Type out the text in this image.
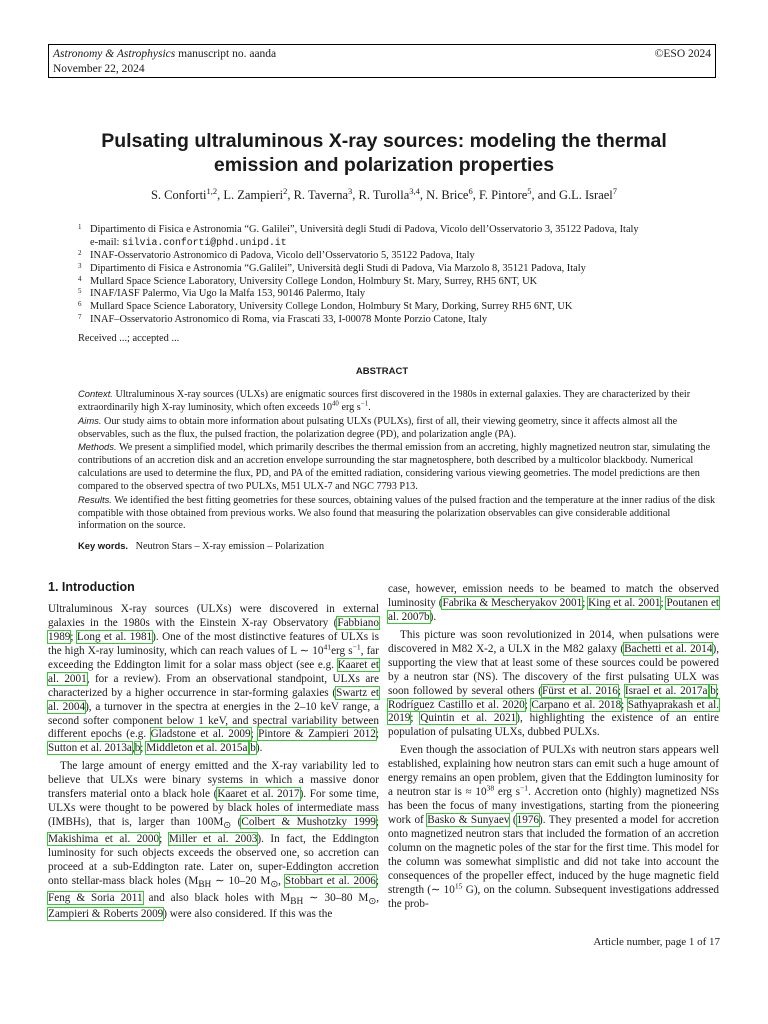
Astronomy & Astrophysics manuscript no. aanda
November 22, 2024
©ESO 2024
Pulsating ultraluminous X-ray sources: modeling the thermal emission and polarization properties
S. Conforti$^{1,2}$, L. Zampieri$^2$, R. Taverna$^3$, R. Turolla$^{3,4}$, N. Brice$^6$, F. Pintore$^5$, and G.L. Israel$^7$
1 Dipartimento di Fisica e Astronomia “G. Galilei”, Università degli Studi di Padova, Vicolo dell’Osservatorio 3, 35122 Padova, Italy
e-mail: silvia.conforti@phd.unipd.it
2 INAF-Osservatorio Astronomico di Padova, Vicolo dell’Osservatorio 5, 35122 Padova, Italy
3 Dipartimento di Fisica e Astronomia “G.Galilei”, Università degli Studi di Padova, Via Marzolo 8, 35121 Padova, Italy
4 Mullard Space Science Laboratory, University College London, Holmbury St. Mary, Surrey, RH5 6NT, UK
5 INAF/IASF Palermo, Via Ugo la Malfa 153, 90146 Palermo, Italy
6 Mullard Space Science Laboratory, University College London, Holmbury St Mary, Dorking, Surrey RH5 6NT, UK
7 INAF–Osservatorio Astronomico di Roma, via Frascati 33, I-00078 Monte Porzio Catone, Italy
Received ...; accepted ...
ABSTRACT

Context. Ultraluminous X-ray sources (ULXs) are enigmatic sources first discovered in the 1980s in external galaxies. They are characterized by their extraordinarily high X-ray luminosity, which often exceeds $10^{40}$ erg $s^{-1}$.

Aims. Our study aims to obtain more information about pulsating ULXs (PULXs), first of all, their viewing geometry, since it affects almost all the observables, such as the flux, the pulsed fraction, the polarization degree (PD), and polarization angle (PA).

Methods. We present a simplified model, which primarily describes the thermal emission from an accreting, highly magnetized neutron star, simulating the contributions of an accretion disk and an accretion envelope surrounding the star magnetosphere, both described by a multicolor blackbody. Numerical calculations are used to determine the flux, PD, and PA of the emitted radiation, considering various viewing geometries. The model predictions are then compared to the observed spectra of two PULXs, M51 ULX-7 and NGC 7793 P13.

Results. We identified the best fitting geometries for these sources, obtaining values of the pulsed fraction and the temperature at the inner radius of the disk compatible with those obtained from previous works. We also found that measuring the polarization observables can give considerable additional information on the source.

Key words. Neutron Stars – X-ray emission – Polarization
1. Introduction

Ultraluminous X-ray sources (ULXs) were discovered in external galaxies in the 1980s with the Einstein X-ray Observatory (Fabbiano 1989; Long et al. 1981). One of the most distinctive features of ULXs is the high X-ray luminosity, which can reach values of L ∼ $10^{41}erg$ $s^{-1}$, far exceeding the Eddington limit for a solar mass object (see e.g. Kaaret et al. 2001, for a review). From an observational standpoint, ULXs are characterized by a higher occurrence in star-forming galaxies (Swartz et al. 2004), a turnover in the spectra at energies in the 2–10 keV range, a second softer component below 1 keV, and spectral variability between different epochs (e.g. Gladstone et al. 2009; Pintore & Zampieri 2012; Sutton et al. 2013a,b; Middleton et al. 2015a,b).

The large amount of energy emitted and the X-ray variability led to believe that ULXs were binary systems in which a massive donor transfers material onto a black hole (Kaaret et al. 2017). For some time, ULXs were thought to be powered by black holes of intermediate mass (IMBHs), that is, larger than $100M_⊙$ (Colbert & Mushotzky 1999; Makishima et al. 2000; Miller et al. 2003). In fact, the Eddington luminosity for such objects exceeds the observed one, so accretion can proceed at a sub-Eddington rate. Later on, super-Eddington accretion onto stellar-mass black holes ($M_{BH}$ ∼ 10–20 $M_⊙$, Stobbart et al. 2006; Feng & Soria 2011 and also black holes with $M_{BH}$ ∼ 30–80 $M_⊙$, Zampieri & Roberts 2009) were also considered. If this was the

case, however, emission needs to be beamed to match the observed luminosity (Fabrika & Mescheryakov 2001; King et al. 2001; Poutanen et al. 2007b).

This picture was soon revolutionized in 2014, when pulsations were discovered in M82 X-2, a ULX in the M82 galaxy (Bachetti et al. 2014), supporting the view that at least some of these sources could be powered by a neutron star (NS). The discovery of the first pulsating ULX was soon followed by several others (Fürst et al. 2016; Israel et al. 2017a,b; Rodríguez Castillo et al. 2020; Carpano et al. 2018; Sathyaprakash et al. 2019; Quintin et al. 2021), highlighting the existence of an entire population of pulsating ULXs, dubbed PULXs.

Even though the association of PULXs with neutron stars appears well established, explaining how neutron stars can emit such a huge amount of energy remains an open problem, given that the Eddington luminosity for a neutron star is ≈ $10^{38}$ erg $s^{-1}$. Accretion onto (highly) magnetized NSs has been the focus of many investigations, starting from the pioneering work of Basko & Sunyaev (1976). They presented a model for accretion onto magnetized neutron stars that included the formation of an accretion column on the magnetic poles of the star for the first time. This model for the column was somewhat simplistic and did not take into account the consequences of the propeller effect, induced by the huge magnetic field strength (∼ $10^{15}$ G), on the column. Subsequent investigations addressed the prob-

Article number, page 1 of 17
